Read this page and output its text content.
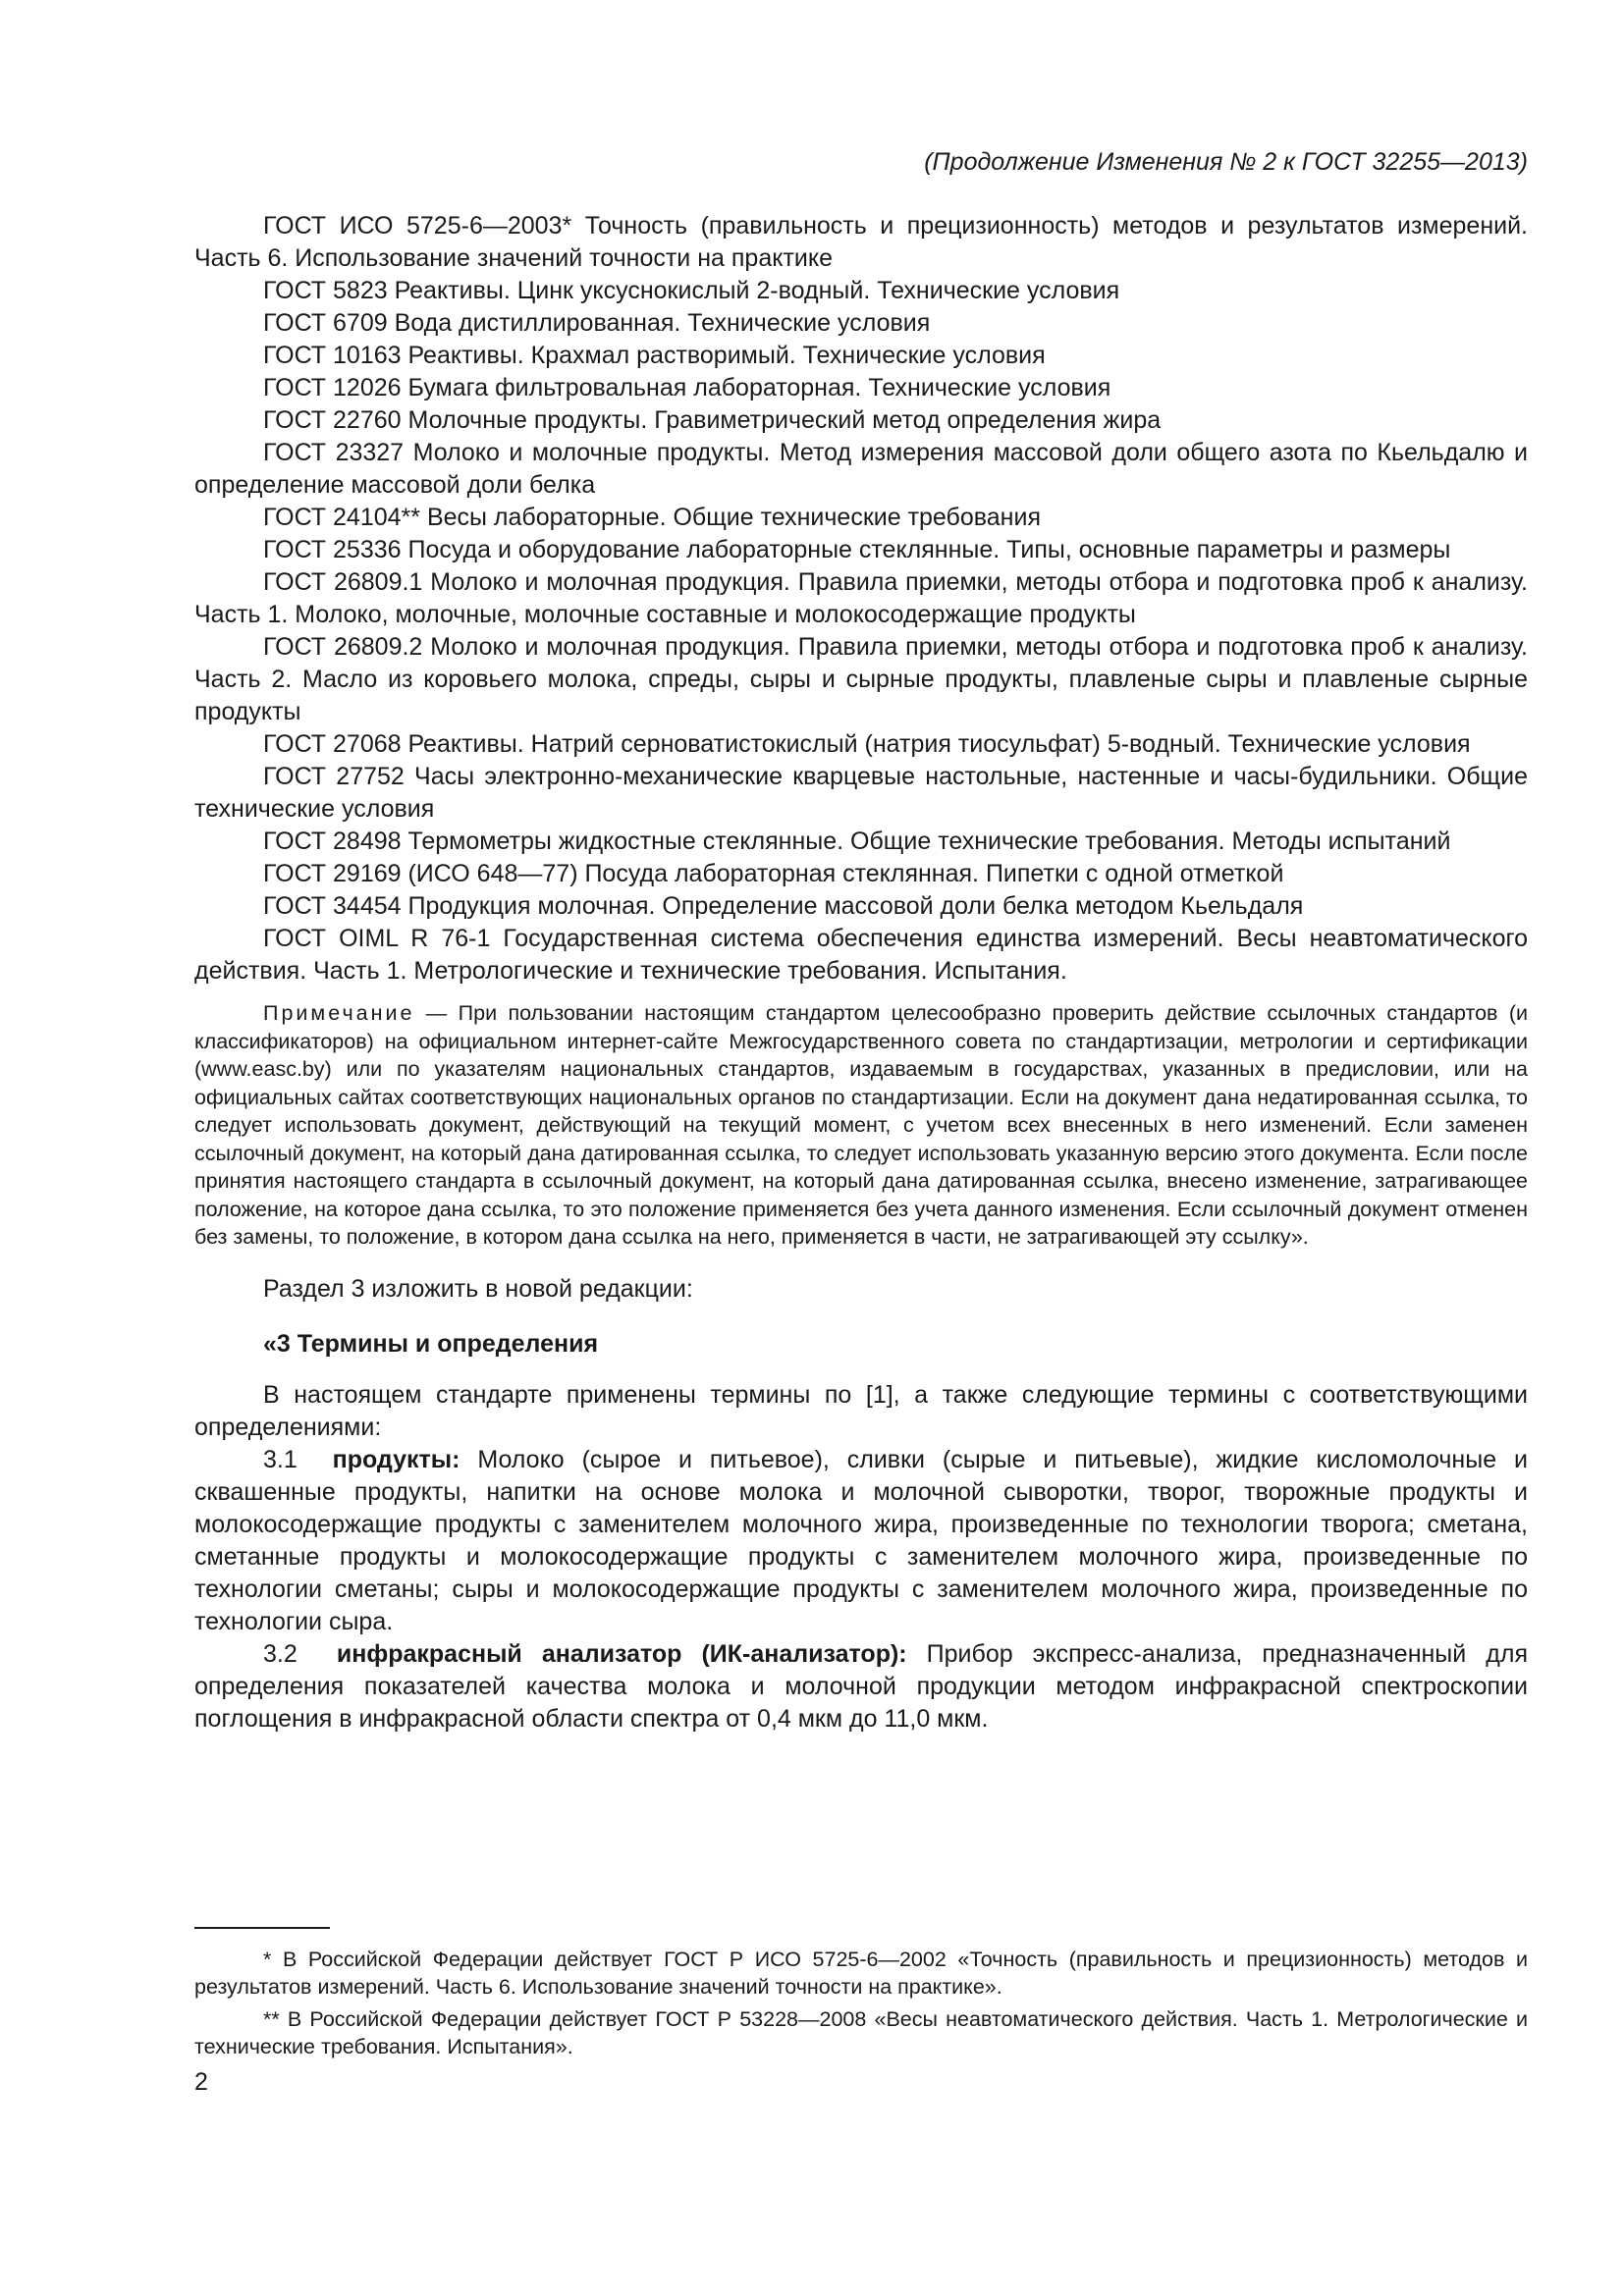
(Продолжение Изменения № 2 к ГОСТ 32255—2013)

ГОСТ ИСО 5725-6—2003* Точность (правильность и прецизионность) методов и результатов измерений. Часть 6. Использование значений точности на практике

ГОСТ 5823 Реактивы. Цинк уксуснокислый 2-водный. Технические условия

ГОСТ 6709 Вода дистиллированная. Технические условия

ГОСТ 10163 Реактивы. Крахмал растворимый. Технические условия

ГОСТ 12026 Бумага фильтровальная лабораторная. Технические условия

ГОСТ 22760 Молочные продукты. Гравиметрический метод определения жира

ГОСТ 23327 Молоко и молочные продукты. Метод измерения массовой доли общего азота по Кьельдалю и определение массовой доли белка

ГОСТ 24104** Весы лабораторные. Общие технические требования

ГОСТ 25336 Посуда и оборудование лабораторные стеклянные. Типы, основные параметры и размеры

ГОСТ 26809.1 Молоко и молочная продукция. Правила приемки, методы отбора и подготовка проб к анализу. Часть 1. Молоко, молочные, молочные составные и молокосодержащие продукты

ГОСТ 26809.2 Молоко и молочная продукция. Правила приемки, методы отбора и подготовка проб к анализу. Часть 2. Масло из коровьего молока, спреды, сыры и сырные продукты, плавленые сыры и плавленые сырные продукты

ГОСТ 27068 Реактивы. Натрий серноватистокислый (натрия тиосульфат) 5-водный. Технические условия

ГОСТ 27752 Часы электронно-механические кварцевые настольные, настенные и часы-будильники. Общие технические условия

ГОСТ 28498 Термометры жидкостные стеклянные. Общие технические требования. Методы испытаний

ГОСТ 29169 (ИСО 648—77) Посуда лабораторная стеклянная. Пипетки с одной отметкой

ГОСТ 34454 Продукция молочная. Определение массовой доли белка методом Кьельдаля

ГОСТ OIML R 76-1 Государственная система обеспечения единства измерений. Весы неавтоматического действия. Часть 1. Метрологические и технические требования. Испытания.

Примечание — При пользовании настоящим стандартом целесообразно проверить действие ссылочных стандартов (и классификаторов) на официальном интернет-сайте Межгосударственного совета по стандартизации, метрологии и сертификации (www.easc.by) или по указателям национальных стандартов, издаваемым в государствах, указанных в предисловии, или на официальных сайтах соответствующих национальных органов по стандартизации. Если на документ дана недатированная ссылка, то следует использовать документ, действующий на текущий момент, с учетом всех внесенных в него изменений. Если заменен ссылочный документ, на который дана датированная ссылка, то следует использовать указанную версию этого документа. Если после принятия настоящего стандарта в ссылочный документ, на который дана датированная ссылка, внесено изменение, затрагивающее положение, на которое дана ссылка, то это положение применяется без учета данного изменения. Если ссылочный документ отменен без замены, то положение, в котором дана ссылка на него, применяется в части, не затрагивающей эту ссылку».

Раздел 3 изложить в новой редакции:

«3 Термины и определения

В настоящем стандарте применены термины по [1], а также следующие термины с соответствующими определениями:

3.1 продукты: Молоко (сырое и питьевое), сливки (сырые и питьевые), жидкие кисломолочные и сквашенные продукты, напитки на основе молока и молочной сыворотки, творог, творожные продукты и молокосодержащие продукты с заменителем молочного жира, произведенные по технологии творога; сметана, сметанные продукты и молокосодержащие продукты с заменителем молочного жира, произведенные по технологии сметаны; сыры и молокосодержащие продукты с заменителем молочного жира, произведенные по технологии сыра.

3.2 инфракрасный анализатор (ИК-анализатор): Прибор экспресс-анализа, предназначенный для определения показателей качества молока и молочной продукции методом инфракрасной спектроскопии поглощения в инфракрасной области спектра от 0,4 мкм до 11,0 мкм.

* В Российской Федерации действует ГОСТ Р ИСО 5725-6—2002 «Точность (правильность и прецизионность) методов и результатов измерений. Часть 6. Использование значений точности на практике».

** В Российской Федерации действует ГОСТ Р 53228—2008 «Весы неавтоматического действия. Часть 1. Метрологические и технические требования. Испытания».

2
